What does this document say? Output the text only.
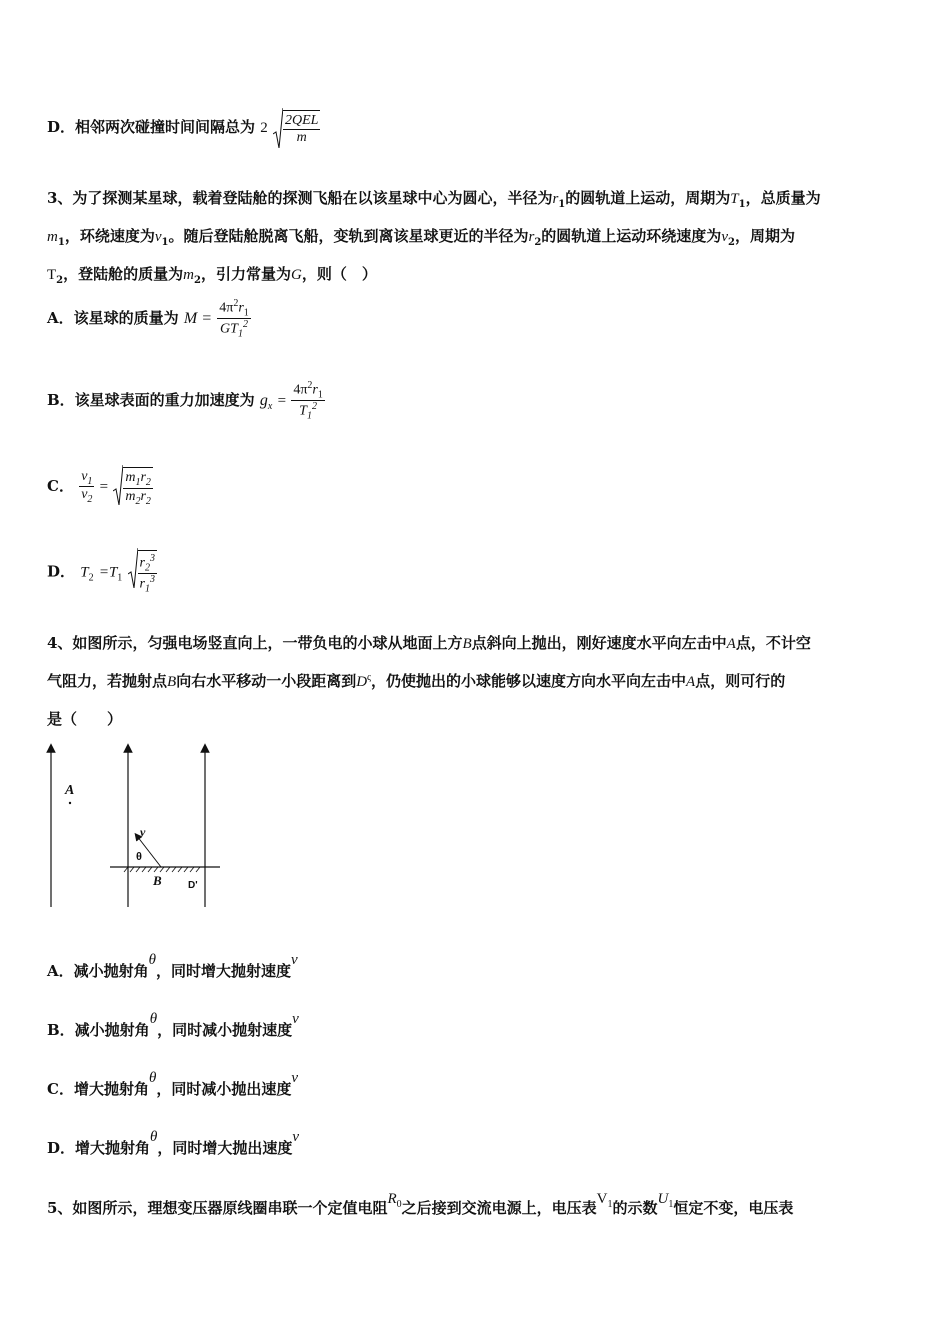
D．相邻两次碰撞时间间隔总为 $2 \frac{\text{2QEL}}{m}$
3、为了探测某星球，载着登陆舱的探测飞船在以该星球中心为圆心，半径为$r_1$的圆轨道上运动，周期为$T_1$，总质量为
$m_1$，环绕速度为$v_1$。随后登陆舱脱离飞船，变轨到离该星球更近的半径为$r_2$的圆轨道上运动环绕速度为$v_2$，周期为
$T_2$，登陆舱的质量为$m_2$，引力常量为G，则（　）
A．该星球的质量为 $M = \frac{4\pi^2r_1}{GT_1^2}$
B．该星球表面的重力加速度为 $g_x = \frac{4\pi^2r_1}{T_1^2}$
C． $\frac{v_1}{v_2} = \frac{m_1r_2}{m_2r_2}$
D． $T_2 =T_1 \frac{r_2^3}{r_1^3}$
4、如图所示，匀强电场竖直向上，一带负电的小球从地面上方B点斜向上抛出，刚好速度水平向左击中A点，不计空
气阻力，若抛射点B向右水平移动一小段距离到$D^\varsigma$，仍使抛出的小球能够以速度方向水平向左击中A点，则可行的
是（　　）
A
v
θ
B	D'
A．减小抛射角θ，同时增大抛射速度v
B．减小抛射角θ，同时减小抛射速度v
C．增大抛射角θ，同时减小抛出速度v
D．增大抛射角θ，同时增大抛出速度v
5、如图所示，理想变压器原线圈串联一个定值电阻$R_0$之后接到交流电源上，电压表$V_1$的示数$U_1$恒定不变，电压表
